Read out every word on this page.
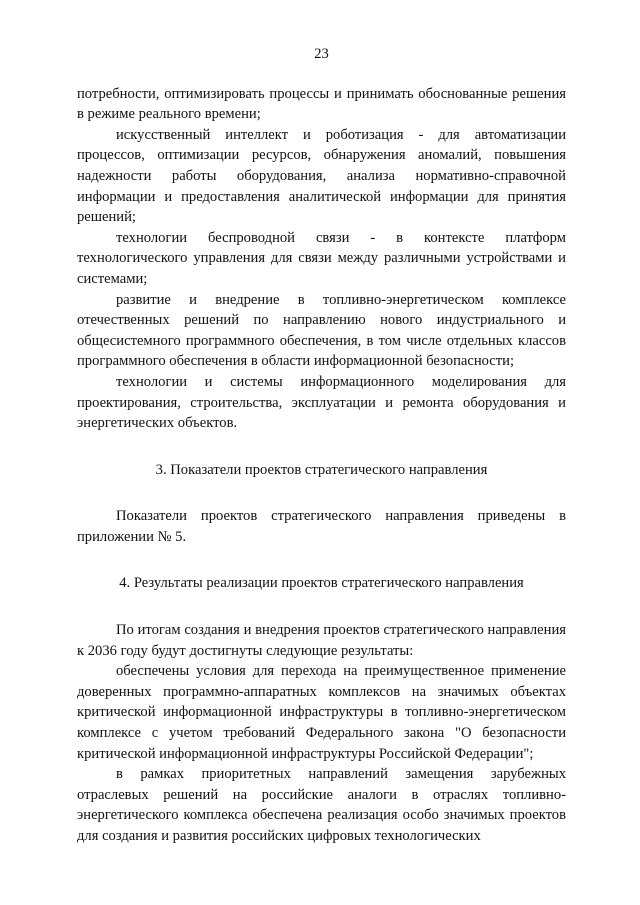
23

потребности, оптимизировать процессы и принимать обоснованные решения в режиме реального времени;

искусственный интеллект и роботизация - для автоматизации процессов, оптимизации ресурсов, обнаружения аномалий, повышения надежности работы оборудования, анализа нормативно-справочной информации и предоставления аналитической информации для принятия решений;

технологии беспроводной связи - в контексте платформ технологического управления для связи между различными устройствами и системами;

развитие и внедрение в топливно-энергетическом комплексе отечественных решений по направлению нового индустриального и общесистемного программного обеспечения, в том числе отдельных классов программного обеспечения в области информационной безопасности;

технологии и системы информационного моделирования для проектирования, строительства, эксплуатации и ремонта оборудования и энергетических объектов.

3. Показатели проектов стратегического направления

Показатели проектов стратегического направления приведены в приложении № 5.

4. Результаты реализации проектов стратегического направления

По итогам создания и внедрения проектов стратегического направления к 2036 году будут достигнуты следующие результаты:

обеспечены условия для перехода на преимущественное применение доверенных программно-аппаратных комплексов на значимых объектах критической информационной инфраструктуры в топливно-энергетическом комплексе с учетом требований Федерального закона "О безопасности критической информационной инфраструктуры Российской Федерации";

в рамках приоритетных направлений замещения зарубежных отраслевых решений на российские аналоги в отраслях топливно-энергетического комплекса обеспечена реализация особо значимых проектов для создания и развития российских цифровых технологических
